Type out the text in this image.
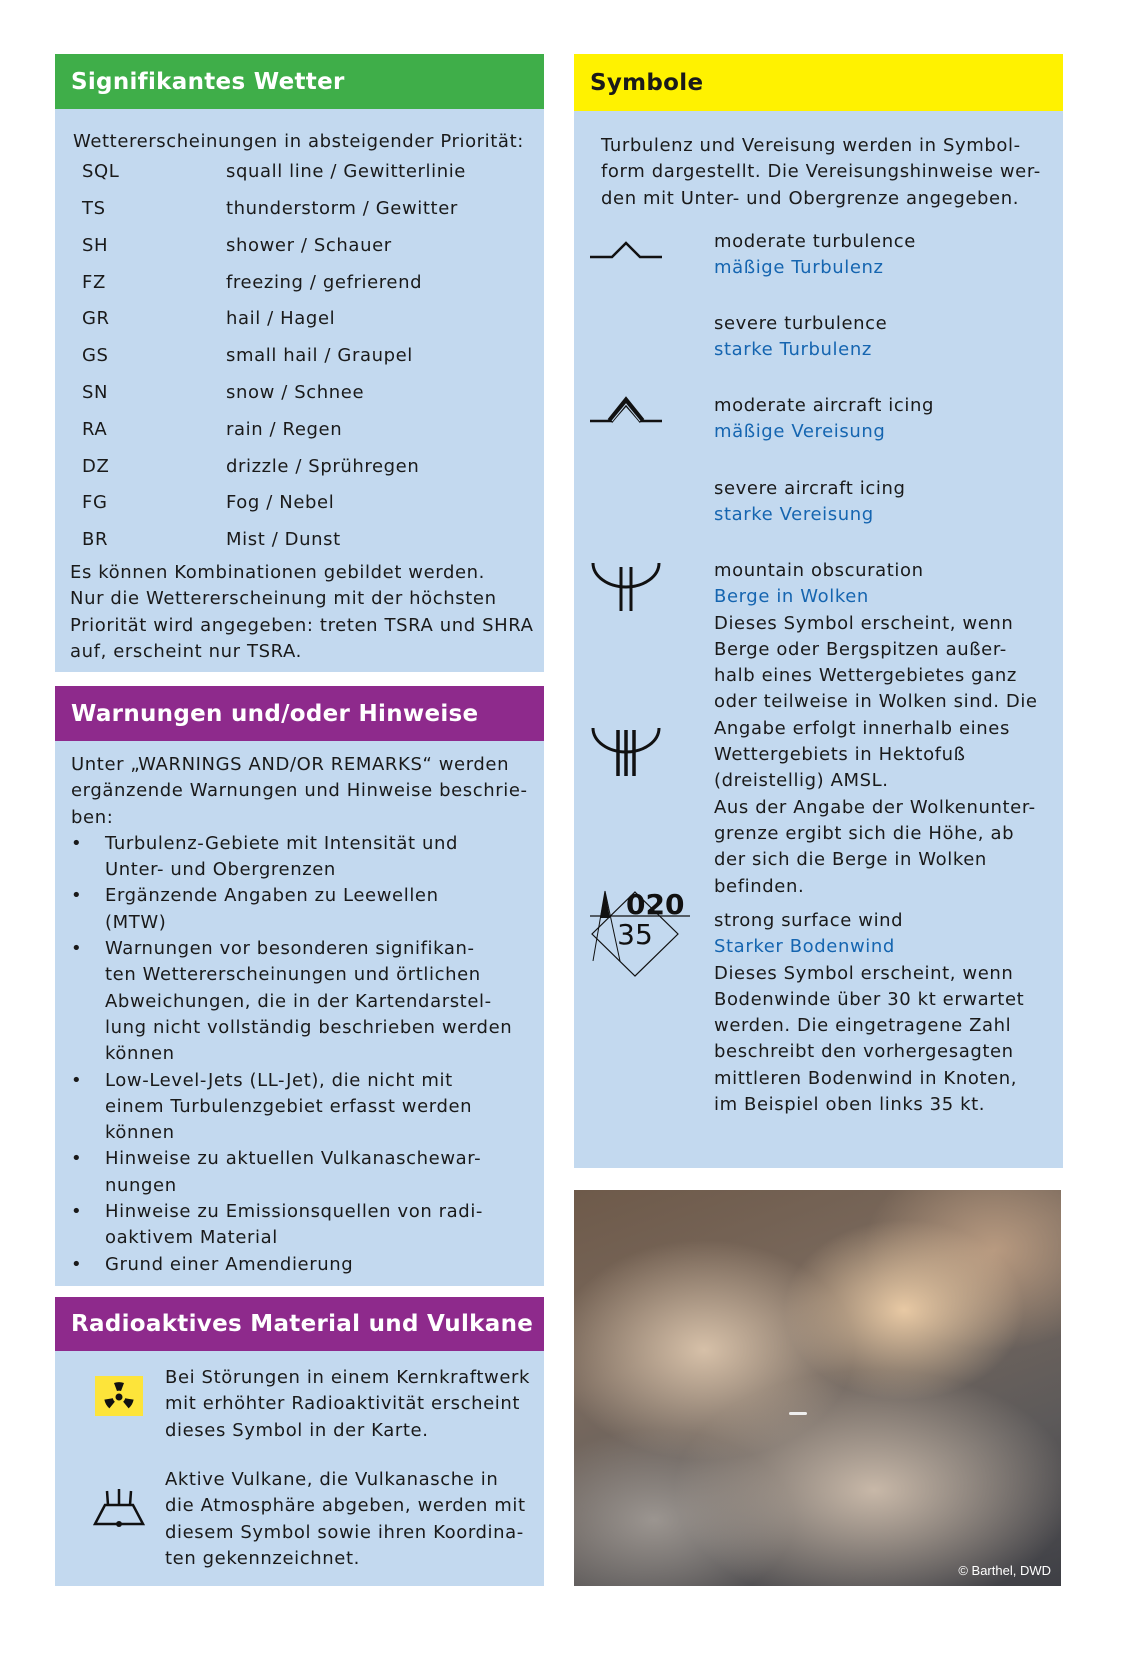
Signifikantes Wetter
Wettererscheinungen in absteigender Priorität:
SQL	squall line / Gewitterlinie
TS	thunderstorm / Gewitter
SH	shower / Schauer
FZ	freezing / gefrierend
GR	hail / Hagel
GS	small hail / Graupel
SN	snow / Schnee
RA	rain / Regen
DZ	drizzle / Sprühregen
FG	Fog / Nebel
BR	Mist / Dunst
Es können Kombinationen gebildet werden.
Nur die Wettererscheinung mit der höchsten
Priorität wird angegeben: treten TSRA und SHRA
auf, erscheint nur TSRA.
Warnungen und/oder Hinweise
Unter „WARNINGS AND/OR REMARKS“ werden
ergänzende Warnungen und Hinweise beschrie-
ben:
•	Turbulenz-Gebiete mit Intensität und
Unter- und Obergrenzen
•	Ergänzende Angaben zu Leewellen
(MTW)
•	Warnungen vor besonderen signifikan-
ten Wettererscheinungen und örtlichen
Abweichungen, die in der Kartendarstel-
lung nicht vollständig beschrieben werden
können
•	Low-Level-Jets (LL-Jet), die nicht mit
einem Turbulenzgebiet erfasst werden
können
•	Hinweise zu aktuellen Vulkanaschewar-
nungen
•	Hinweise zu Emissionsquellen von radi-
oaktivem Material
•	Grund einer Amendierung
Radioaktives Material und Vulkane
Bei Störungen in einem Kernkraftwerk
mit erhöhter Radioaktivität erscheint
dieses Symbol in der Karte.
Aktive Vulkane, die Vulkanasche in
die Atmosphäre abgeben, werden mit
diesem Symbol sowie ihren Koordina-
ten gekennzeichnet.
Symbole
Turbulenz und Vereisung werden in Symbol-
form dargestellt. Die Vereisungshinweise wer-
den mit Unter- und Obergrenze angegeben.
moderate turbulence
mäßige Turbulenz
severe turbulence
starke Turbulenz
moderate aircraft icing
mäßige Vereisung
severe aircraft icing
starke Vereisung
020
mountain obscuration
Berge in Wolken
Dieses Symbol erscheint, wenn
Berge oder Bergspitzen außer-
halb eines Wettergebietes ganz
oder teilweise in Wolken sind. Die
Angabe erfolgt innerhalb eines
Wettergebiets in Hektofuß
(dreistellig) AMSL.
Aus der Angabe der Wolkenunter-
grenze ergibt sich die Höhe, ab
der sich die Berge in Wolken
befinden.
35	strong surface wind
Starker Bodenwind
Dieses Symbol erscheint, wenn
Bodenwinde über 30 kt erwartet
werden. Die eingetragene Zahl
beschreibt den vorhergesagten
mittleren Bodenwind in Knoten,
im Beispiel oben links 35 kt.
© Barthel, DWD
